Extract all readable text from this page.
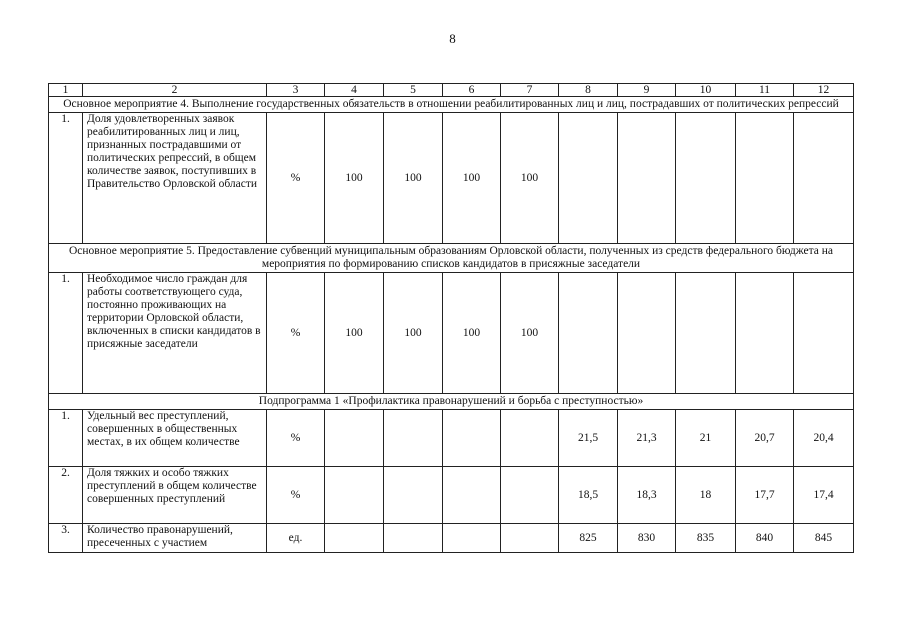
8
1	2	3	4	5	6	7	8	9	10	11	12
Основное мероприятие 4. Выполнение государственных обязательств в отношении реабилитированных лиц и лиц, пострадавших от политических репрессий											
1.	Доля удовлетворенных заявок реабилитированных лиц и лиц, признанных пострадавшими от политических репрессий, в общем количестве заявок, поступивших в Правительство Орловской области	%	100	100	100	100					
Основное мероприятие 5. Предоставление субвенций муниципальным образованиям Орловской области, полученных из средств федерального бюджета на мероприятия по формированию списков кандидатов в присяжные заседатели											
1.	Необходимое число граждан для работы соответствующего суда, постоянно проживающих на территории Орловской области, включенных в списки кандидатов в присяжные заседатели	%	100	100	100	100					
Подпрограмма 1 «Профилактика правонарушений и борьба с преступностью»											
1.	Удельный вес преступлений, совершенных в общественных местах, в их общем количестве	%					21,5	21,3	21	20,7	20,4
2.	Доля тяжких и особо тяжких преступлений в общем количестве совершенных преступлений	%					18,5	18,3	18	17,7	17,4
3.	Количество правонарушений, пресеченных с участием	ед.					825	830	835	840	845
